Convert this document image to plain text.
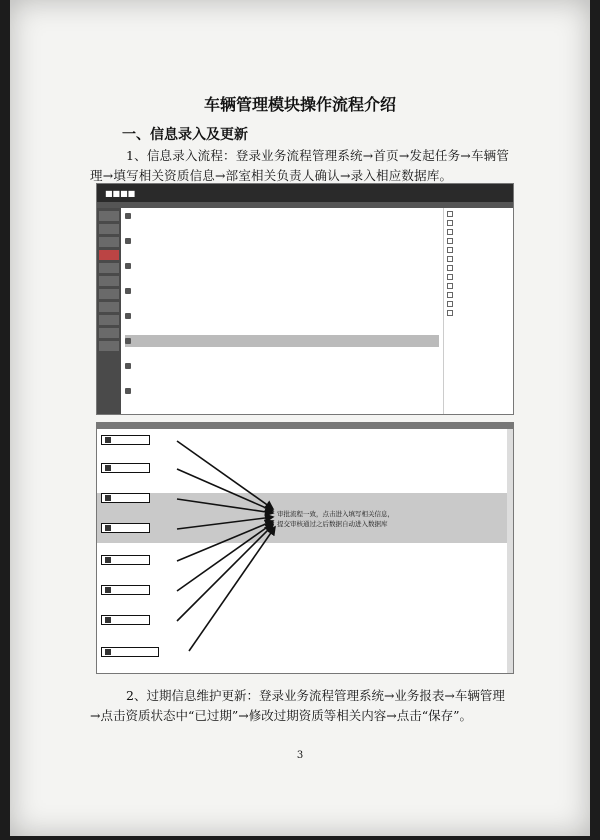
车辆管理模块操作流程介绍
一、信息录入及更新
1、信息录入流程：登录业务流程管理系统→首页→发起任务→车辆管理→填写相关资质信息→部室相关负责人确认→录入相应数据库。
■■■■

审批流程一致，点击进入填写相关信息，
提交审核通过之后数据自动进入数据库
2、过期信息维护更新：登录业务流程管理系统→业务报表→车辆管理→点击资质状态中“已过期”→修改过期资质等相关内容→点击“保存”。
3
